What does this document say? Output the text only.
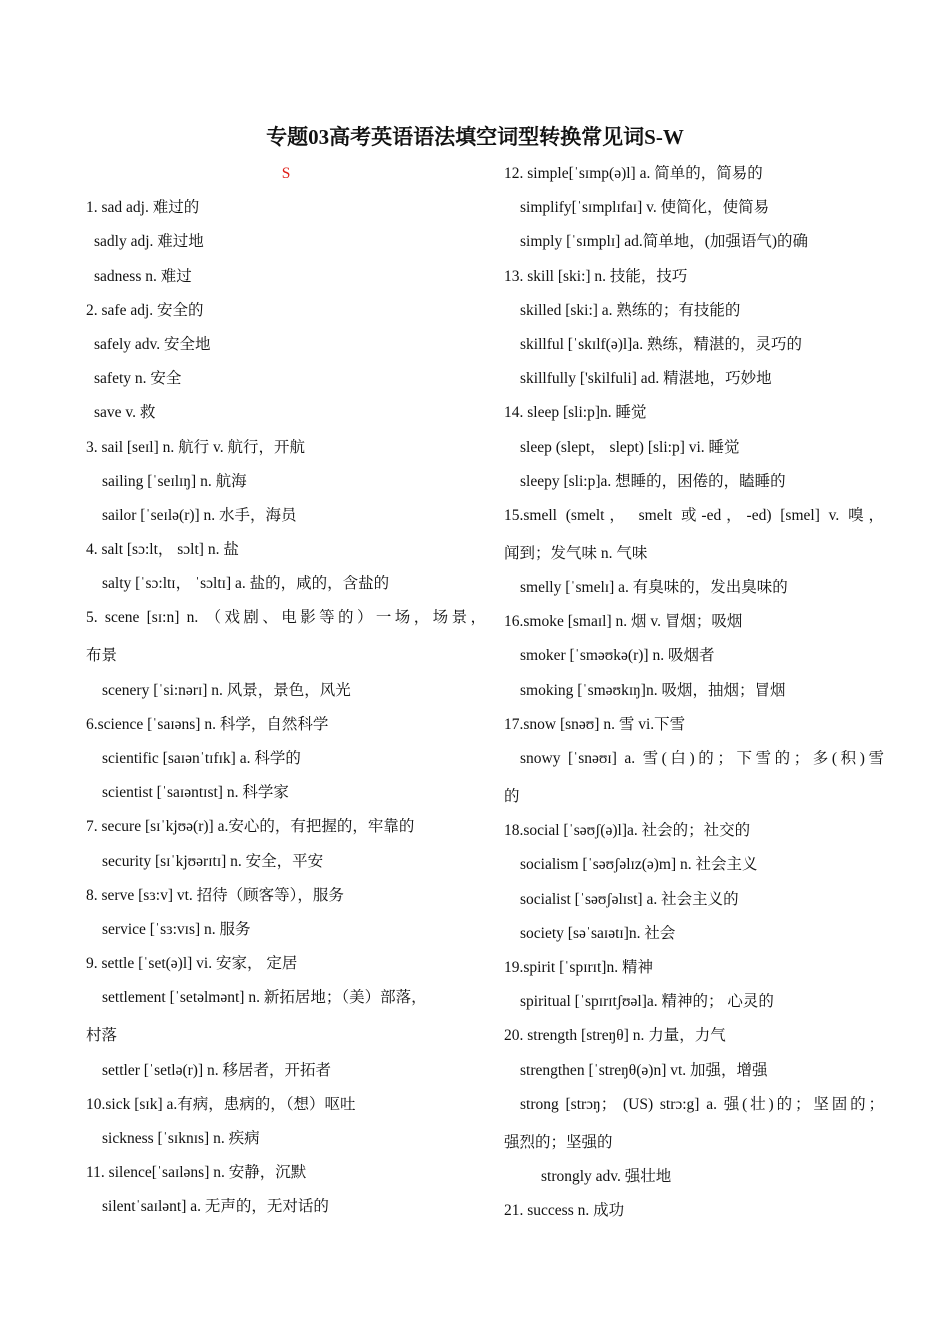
专题03高考英语语法填空词型转换常见词S-W
S
1. sad adj. 难过的
sadly adj. 难过地
sadness n. 难过
2. safe adj. 安全的
safely adv. 安全地
safety n. 安全
save v. 救
3. sail [seɪl] n. 航行 v. 航行，开航
sailing [ˈseɪlɪŋ] n. 航海
sailor [ˈseɪlə(r)] n. 水手，海员
4. salt [sɔ:lt， sɔlt] n. 盐
salty [ˈsɔ:ltɪ， ˈsɔltɪ] a. 盐的，咸的，含盐的
5. scene [sɪ:n] n. （戏剧、电影等的）一场，场景，
布景
scenery [ˈsi:nərɪ] n. 风景，景色，风光
6.science [ˈsaɪəns] n. 科学，自然科学
scientific [saɪənˈtɪfɪk] a. 科学的
scientist [ˈsaɪəntɪst] n. 科学家
7. secure [sɪˈkjʊə(r)] a.安心的，有把握的，牢靠的
security [sɪˈkjʊərɪtɪ] n. 安全，平安
8. serve [sɜ:v] vt. 招待（顾客等），服务
service [ˈsɜ:vɪs] n. 服务
9. settle [ˈset(ə)l] vi. 安家， 定居
settlement [ˈsetəlmənt] n. 新拓居地；（美）部落，
村落
settler [ˈsetlə(r)] n. 移居者，开拓者
10.sick [sɪk] a.有病，患病的，（想）呕吐
sickness [ˈsɪknɪs] n. 疾病
11. silence[ˈsaɪləns] n. 安静，沉默
silentˈsaɪlənt] a. 无声的，无对话的
12. simple[ˈsɪmp(ə)l] a. 简单的，简易的
simplify[ˈsɪmplɪfaɪ] v. 使简化，使简易
simply [ˈsɪmplɪ] ad.简单地，(加强语气)的确
13. skill [ski:] n. 技能，技巧
skilled [ski:] a. 熟练的；有技能的
skillful [ˈskɪlf(ə)l]a. 熟练，精湛的，灵巧的
skillfully ['skilfuli] ad. 精湛地，巧妙地
14. sleep [sli:p]n. 睡觉
sleep (slept， slept) [sli:p] vi. 睡觉
sleepy [sli:p]a. 想睡的，困倦的，瞌睡的
15.smell (smelt， smelt 或-ed，-ed) [smel] v. 嗅，
闻到；发气味 n. 气味
smelly [ˈsmelɪ] a. 有臭味的，发出臭味的
16.smoke [smaɪl] n. 烟 v. 冒烟；吸烟
smoker [ˈsməʊkə(r)] n. 吸烟者
smoking [ˈsməʊkɪŋ]n. 吸烟，抽烟；冒烟
17.snow [snəʊ] n. 雪 vi.下雪
snowy [ˈsnəʊɪ] a. 雪(白)的；下雪的；多(积)雪
的
18.social [ˈsəʊʃ(ə)l]a. 社会的；社交的
socialism [ˈsəʊʃəlɪz(ə)m] n. 社会主义
socialist [ˈsəʊʃəlɪst] a. 社会主义的
society [səˈsaɪətɪ]n. 社会
19.spirit [ˈspɪrɪt]n. 精神
spiritual [ˈspɪrɪtʃʊəl]a. 精神的； 心灵的
20. strength [streŋθ] n. 力量，力气
strengthen [ˈstreŋθ(ə)n] vt. 加强，增强
strong [strɔŋ； (US) strɔ:g] a. 强(壮)的；坚固的；
强烈的；坚强的
strongly adv. 强壮地
21. success n. 成功
